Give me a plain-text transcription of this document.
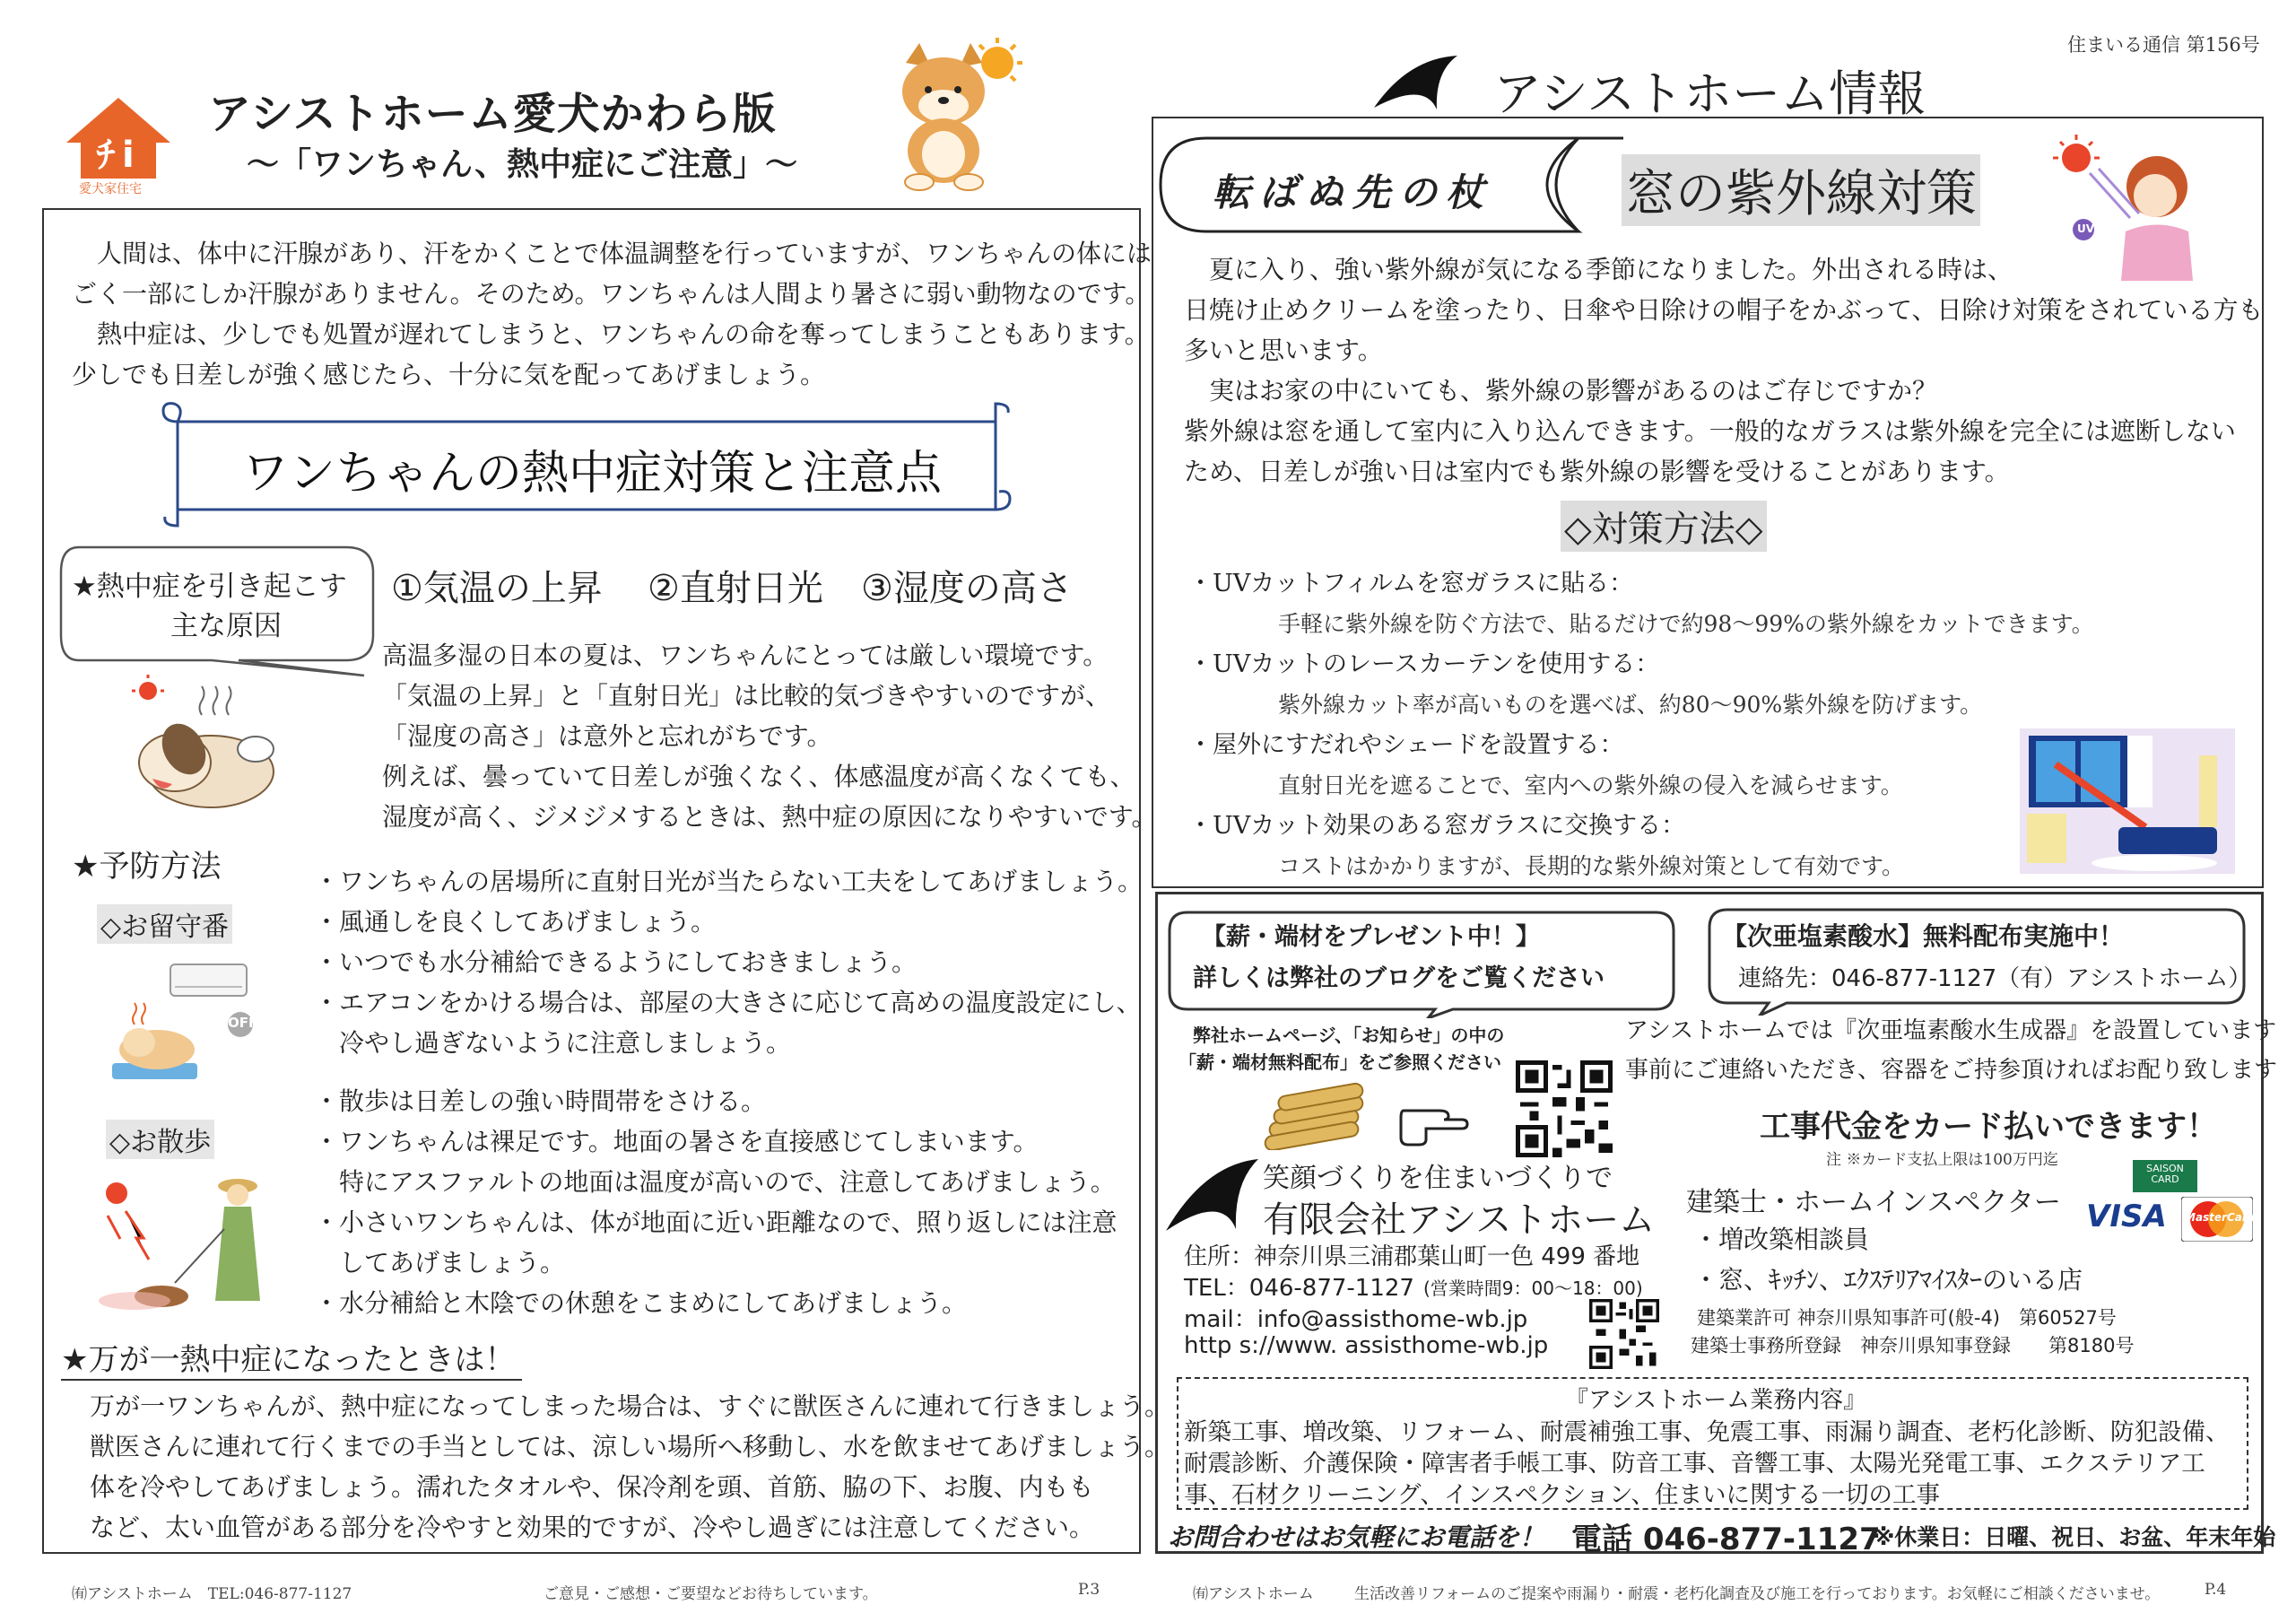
住まいる通信 第156号
ﾁ i
愛犬家住宅
アシストホーム愛犬かわら版
〜「ワンちゃん、熱中症にご注意」〜
人間は、体中に汗腺があり、汗をかくことで体温調整を行っていますが、ワンちゃんの体には
ごく一部にしか汗腺がありません。そのため。ワンちゃんは人間より暑さに弱い動物なのです。
熱中症は、少しでも処置が遅れてしまうと、ワンちゃんの命を奪ってしまうこともあります。
少しでも日差しが強く感じたら、十分に気を配ってあげましょう。
ワンちゃんの熱中症対策と注意点
★熱中症を引き起こす
主な原因
①気温の上昇 ②直射日光 ③湿度の高さ
高温多湿の日本の夏は、ワンちゃんにとっては厳しい環境です。
「気温の上昇」と「直射日光」は比較的気づきやすいのですが、
「湿度の高さ」は意外と忘れがちです。
例えば、曇っていて日差しが強くなく、体感温度が高くなくても、
湿度が高く、ジメジメするときは、熱中症の原因になりやすいです。
★予防方法
◇お留守番
OFF
・ワンちゃんの居場所に直射日光が当たらない工夫をしてあげましょう。
・風通しを良くしてあげましょう。
・いつでも水分補給できるようにしておきましょう。
・エアコンをかける場合は、部屋の大きさに応じて高めの温度設定にし、
　冷やし過ぎないように注意しましょう。
◇お散歩
・散歩は日差しの強い時間帯をさける。
・ワンちゃんは裸足です。地面の暑さを直接感じてしまいます。
　特にアスファルトの地面は温度が高いので、注意してあげましょう。
・小さいワンちゃんは、体が地面に近い距離なので、照り返しには注意
　してあげましょう。
・水分補給と木陰での休憩をこまめにしてあげましょう。
★万が一熱中症になったときは！
万が一ワンちゃんが、熱中症になってしまった場合は、すぐに獣医さんに連れて行きましょう。
獣医さんに連れて行くまでの手当としては、涼しい場所へ移動し、水を飲ませてあげましょう。
体を冷やしてあげましょう。濡れたタオルや、保冷剤を頭、首筋、脇の下、お腹、内もも
など、太い血管がある部分を冷やすと効果的ですが、冷やし過ぎには注意してください。
アシストホーム情報
転ばぬ先の杖	窓の紫外線対策
UV
夏に入り、強い紫外線が気になる季節になりました。外出される時は、
日焼け止めクリームを塗ったり、日傘や日除けの帽子をかぶって、日除け対策をされている方も
多いと思います。
実はお家の中にいても、紫外線の影響があるのはご存じですか？
紫外線は窓を通して室内に入り込んできます。一般的なガラスは紫外線を完全には遮断しない
ため、日差しが強い日は室内でも紫外線の影響を受けることがあります。
◇対策方法◇
・UVカットフィルムを窓ガラスに貼る：
手軽に紫外線を防ぐ方法で、貼るだけで約98〜99%の紫外線をカットできます。
・UVカットのレースカーテンを使用する：
紫外線カット率が高いものを選べば、約80〜90%紫外線を防げます。
・屋外にすだれやシェードを設置する：
直射日光を遮ることで、室内への紫外線の侵入を減らせます。
・UVカット効果のある窓ガラスに交換する：
コストはかかりますが、長期的な紫外線対策として有効です。
【薪・端材をプレゼント中！】
詳しくは弊社のブログをご覧ください
弊社ホームページ、「お知らせ」の中の
「薪・端材無料配布」をご参照ください
【次亜塩素酸水】無料配布実施中！
連絡先：046-877-1127（有）アシストホーム）
アシストホームでは『次亜塩素酸水生成器』を設置しています
事前にご連絡いただき、容器をご持参頂ければお配り致します
工事代金をカード払いできます！
注 ※カード支払上限は100万円迄	SAISON CARD
VISA MasterCard
笑顔づくりを住まいづくりで
有限会社アシストホーム
住所：神奈川県三浦郡葉山町一色 499 番地
TEL：046-877-1127 (営業時間9：00〜18：00)
mail：info@assisthome-wb.jp
http s://www. assisthome-wb.jp
建築士・ホームインスペクター
・増改築相談員
・窓、ｷｯﾁﾝ、ｴｸｽﾃﾘｱﾏｲｽﾀｰのいる店
建築業許可 神奈川県知事許可(般-4)　第60527号
建築士事務所登録　神奈川県知事登録　　第8180号
『アシストホーム業務内容』
新築工事、増改築、リフォーム、耐震補強工事、免震工事、雨漏り調査、老朽化診断、防犯設備、
耐震診断、介護保険・障害者手帳工事、防音工事、音響工事、太陽光発電工事、エクステリア工
事、石材クリーニング、インスペクション、住まいに関する一切の工事
お問合わせはお気軽にお電話を！ 電話 046-877-1127
※休業日：日曜、祝日、お盆、年末年始
㈲アシストホーム　TEL:046-877-1127	ご意見・ご感想・ご要望などお待ちしています。	P.3	㈲アシストホーム	生活改善リフォームのご提案や雨漏り・耐震・老朽化調査及び施工を行っております。お気軽にご相談くださいませ。	P.4
